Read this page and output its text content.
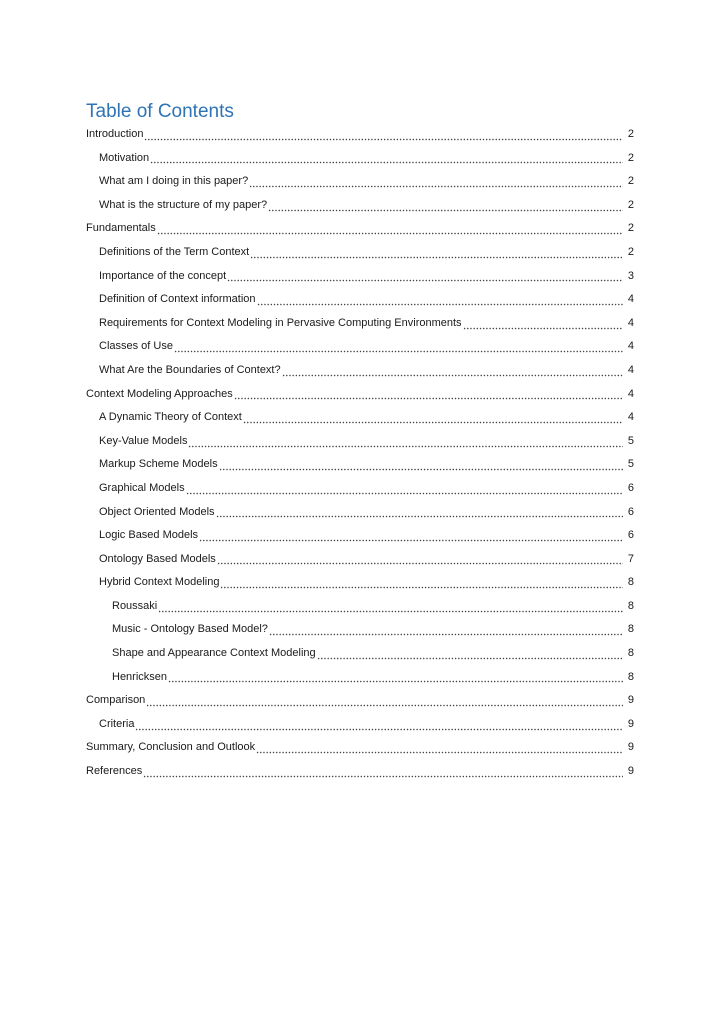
Table of Contents
Introduction	2
Motivation	2
What am I doing in this paper?	2
What is the structure of my paper?	2
Fundamentals	2
Definitions of the Term Context	2
Importance of the concept	3
Definition of Context information	4
Requirements for Context Modeling in Pervasive Computing Environments	4
Classes of Use	4
What Are the Boundaries of Context?	4
Context Modeling Approaches	4
A Dynamic Theory of Context	4
Key-Value Models	5
Markup Scheme Models	5
Graphical Models	6
Object Oriented Models	6
Logic Based Models	6
Ontology Based Models	7
Hybrid Context Modeling	8
Roussaki	8
Music - Ontology Based Model?	8
Shape and Appearance Context Modeling	8
Henricksen	8
Comparison	9
Criteria	9
Summary, Conclusion and Outlook	9
References	9
